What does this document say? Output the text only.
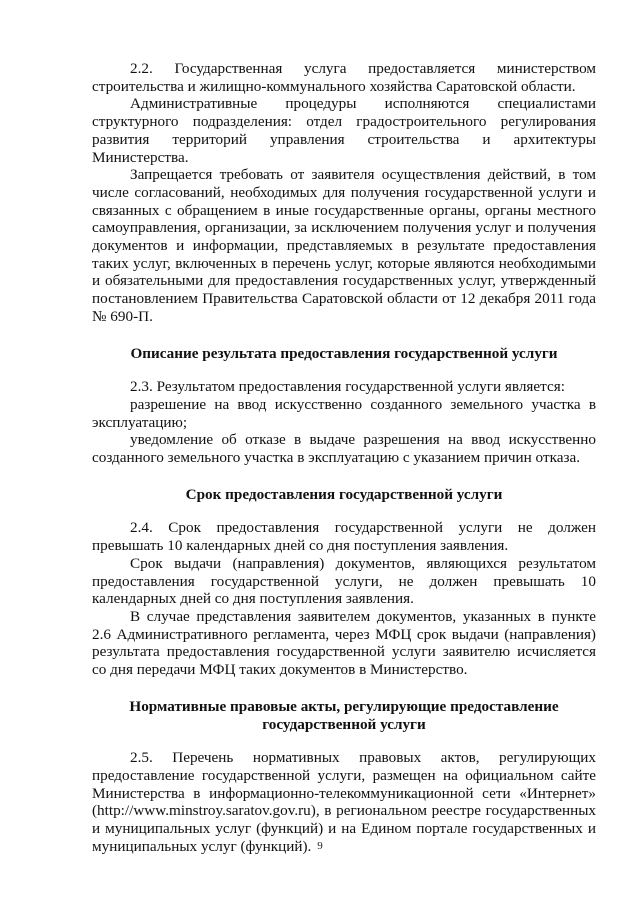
2.2. Государственная услуга предоставляется министерством строительства и жилищно-коммунального хозяйства Саратовской области.

Административные процедуры исполняются специалистами структурного подразделения: отдел градостроительного регулирования развития территорий управления строительства и архитектуры Министерства.

Запрещается требовать от заявителя осуществления действий, в том числе согласований, необходимых для получения государственной услуги и связанных с обращением в иные государственные органы, органы местного самоуправления, организации, за исключением получения услуг и получения документов и информации, представляемых в результате предоставления таких услуг, включенных в перечень услуг, которые являются необходимыми и обязательными для предоставления государственных услуг, утвержденный постановлением Правительства Саратовской области от 12 декабря 2011 года № 690-П.

Описание результата предоставления государственной услуги

2.3. Результатом предоставления государственной услуги является:

разрешение на ввод искусственно созданного земельного участка в эксплуатацию;

уведомление об отказе в выдаче разрешения на ввод искусственно созданного земельного участка в эксплуатацию с указанием причин отказа.

Срок предоставления государственной услуги

2.4. Срок предоставления государственной услуги не должен превышать 10 календарных дней со дня поступления заявления.

Срок выдачи (направления) документов, являющихся результатом предоставления государственной услуги, не должен превышать 10 календарных дней со дня поступления заявления.

В случае представления заявителем документов, указанных в пункте 2.6 Административного регламента, через МФЦ срок выдачи (направления) результата предоставления государственной услуги заявителю исчисляется со дня передачи МФЦ таких документов в Министерство.

Нормативные правовые акты, регулирующие предоставление
государственной услуги

2.5. Перечень нормативных правовых актов, регулирующих предоставление государственной услуги, размещен на официальном сайте Министерства в информационно-телекоммуникационной сети «Интернет» (http://www.minstroy.saratov.gov.ru), в региональном реестре государственных и муниципальных услуг (функций) и на Едином портале государственных и муниципальных услуг (функций). 9
